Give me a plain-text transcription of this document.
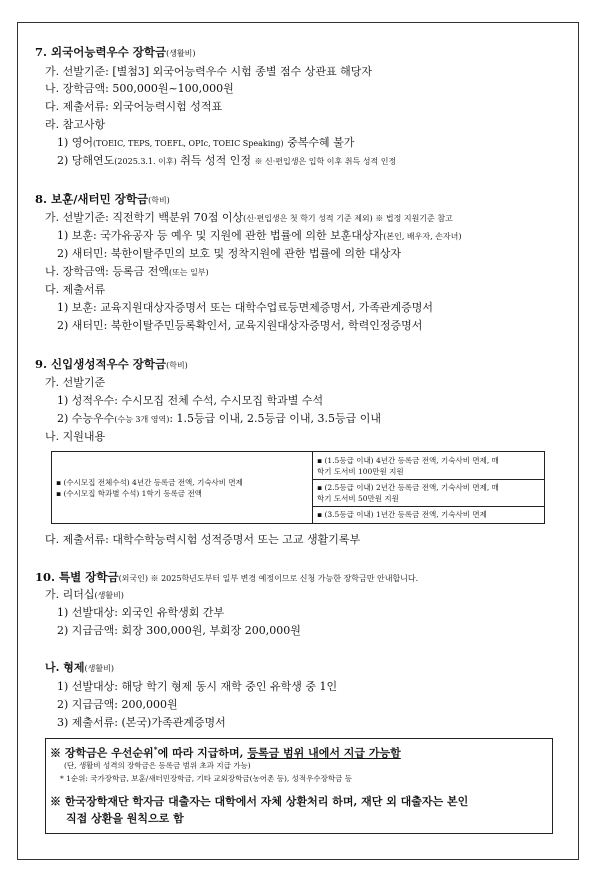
7. 외국어능력우수 장학금(생활비)
가. 선발기준: [별첨3] 외국어능력우수 시험 종별 점수 상관표 해당자
나. 장학금액: 500,000원~100,000원
다. 제출서류: 외국어능력시험 성적표
라. 참고사항
1) 영어(TOEIC, TEPS, TOEFL, OPIc, TOEIC Speaking) 중복수혜 불가
2) 당해연도(2025.3.1. 이후) 취득 성적 인정 ※ 신·편입생은 입학 이후 취득 성적 인정
8. 보훈/새터민 장학금(학비)
가. 선발기준: 직전학기 백분위 70점 이상(신·편입생은 첫 학기 성적 기준 제외) ※ 법정 지원기준 참고
1) 보훈: 국가유공자 등 예우 및 지원에 관한 법률에 의한 보훈대상자(본인, 배우자, 손자녀)
2) 새터민: 북한이탈주민의 보호 및 정착지원에 관한 법률에 의한 대상자
나. 장학금액: 등록금 전액(또는 일부)
다. 제출서류
1) 보훈: 교육지원대상자증명서 또는 대학수업료등면제증명서, 가족관계증명서
2) 새터민: 북한이탈주민등록확인서, 교육지원대상자증명서, 학력인정증명서
9. 신입생성적우수 장학금(학비)
가. 선발기준
1) 성적우수: 수시모집 전체 수석, 수시모집 학과별 수석
2) 수능우수(수능 3개 영역): 1.5등급 이내, 2.5등급 이내, 3.5등급 이내
나. 지원내용
▪ (수시모집 전체수석) 4년간 등록금 전액, 기숙사비 면제
▪ (수시모집 학과별 수석) 1학기 등록금 전액

▪ (1.5등급 이내) 4년간 등록금 전액, 기숙사비 면제, 매
학기 도서비 100만원 지원
▪ (2.5등급 이내) 2년간 등록금 전액, 기숙사비 면제, 매
학기 도서비 50만원 지원
▪ (3.5등급 이내) 1년간 등록금 전액, 기숙사비 면제
다. 제출서류: 대학수학능력시험 성적증명서 또는 고교 생활기록부
10. 특별 장학금(외국인) ※ 2025학년도부터 일부 변경 예정이므로 신청 가능한 장학금만 안내합니다.
가. 리더십(생활비)
1) 선발대상: 외국인 유학생회 간부
2) 지급금액: 회장 300,000원, 부회장 200,000원
나. 형제(생활비)
1) 선발대상: 해당 학기 형제 동시 재학 중인 유학생 중 1인
2) 지급금액: 200,000원
3) 제출서류: (본국)가족관계증명서
※ 장학금은 우선순위*에 따라 지급하며, 등록금 범위 내에서 지급 가능함
(단, 생활비 성격의 장학금은 등록금 범위 초과 지급 가능)
* 1순위: 국가장학금, 보훈/새터민장학금, 기타 교외장학금(농어촌 등), 성적우수장학금 등
※ 한국장학재단 학자금 대출자는 대학에서 자체 상환처리 하며, 재단 외 대출자는 본인
직접 상환을 원칙으로 함
